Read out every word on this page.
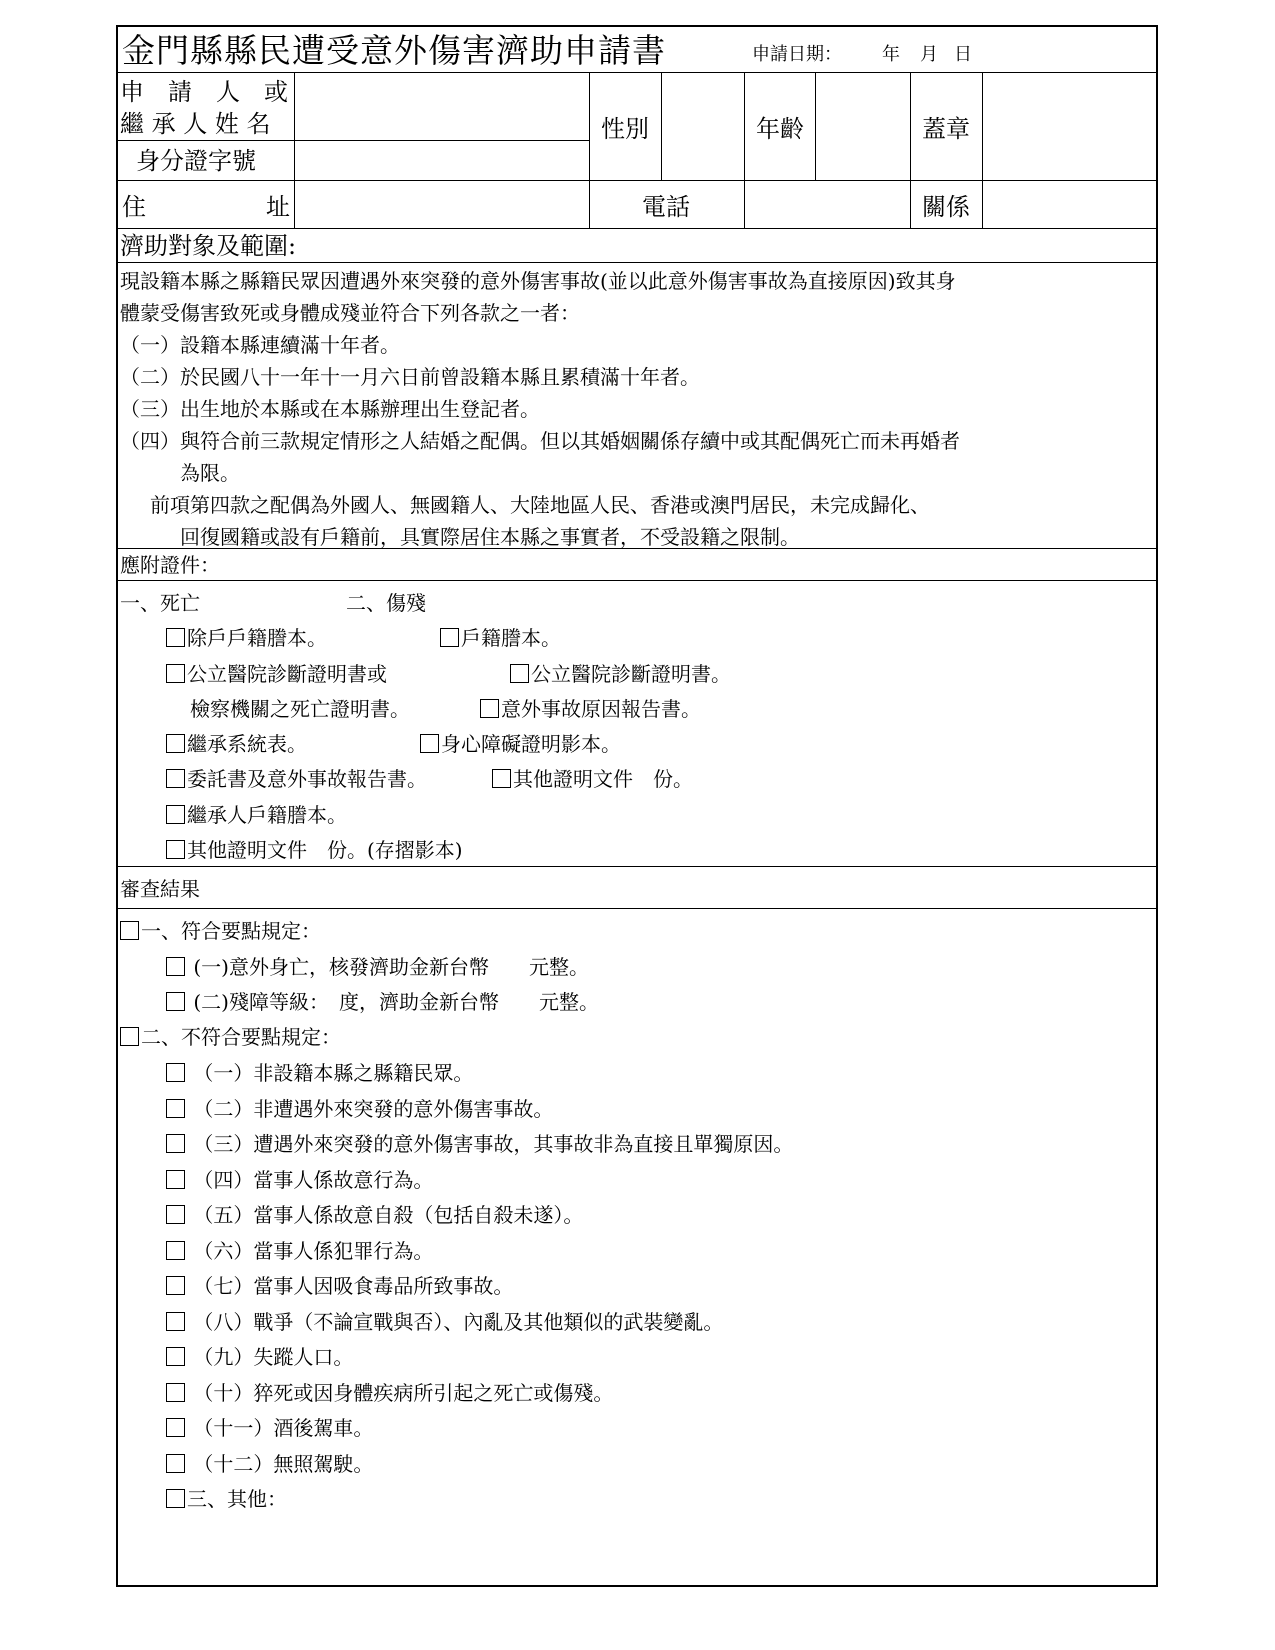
金門縣縣民遭受意外傷害濟助申請書	申請日期： 年 月 日
申　請　人　或
繼 承 人 姓 名
身分證字號
性別	年齡	蓋章
住	址	電話	關係
濟助對象及範圍:
現設籍本縣之縣籍民眾因遭遇外來突發的意外傷害事故(並以此意外傷害事故為直接原因)致其身
體蒙受傷害致死或身體成殘並符合下列各款之一者：
（一）設籍本縣連續滿十年者。
（二）於民國八十一年十一月六日前曾設籍本縣且累積滿十年者。
（三）出生地於本縣或在本縣辦理出生登記者。
（四）與符合前三款規定情形之人結婚之配偶。但以其婚姻關係存續中或其配偶死亡而未再婚者
為限。
前項第四款之配偶為外國人、無國籍人、大陸地區人民、香港或澳門居民，未完成歸化、
回復國籍或設有戶籍前，具實際居住本縣之事實者，不受設籍之限制。
應附證件：
一、死亡	二、傷殘
除戶戶籍謄本。	戶籍謄本。
公立醫院診斷證明書或	公立醫院診斷證明書。
檢察機關之死亡證明書。	意外事故原因報告書。
繼承系統表。	身心障礙證明影本。
委託書及意外事故報告書。	其他證明文件　份。
繼承人戶籍謄本。
其他證明文件　份。(存摺影本)
審查結果
一、符合要點規定：
(一)意外身亡，核發濟助金新台幣　　元整。
(二)殘障等級：　度，濟助金新台幣　　元整。
二、不符合要點規定：
（一）非設籍本縣之縣籍民眾。
（二）非遭遇外來突發的意外傷害事故。
（三）遭遇外來突發的意外傷害事故，其事故非為直接且單獨原因。
（四）當事人係故意行為。
（五）當事人係故意自殺（包括自殺未遂）。
（六）當事人係犯罪行為。
（七）當事人因吸食毒品所致事故。
（八）戰爭（不論宣戰與否）、內亂及其他類似的武裝變亂。
（九）失蹤人口。
（十）猝死或因身體疾病所引起之死亡或傷殘。
（十一）酒後駕車。
（十二）無照駕駛。
三、其他：
